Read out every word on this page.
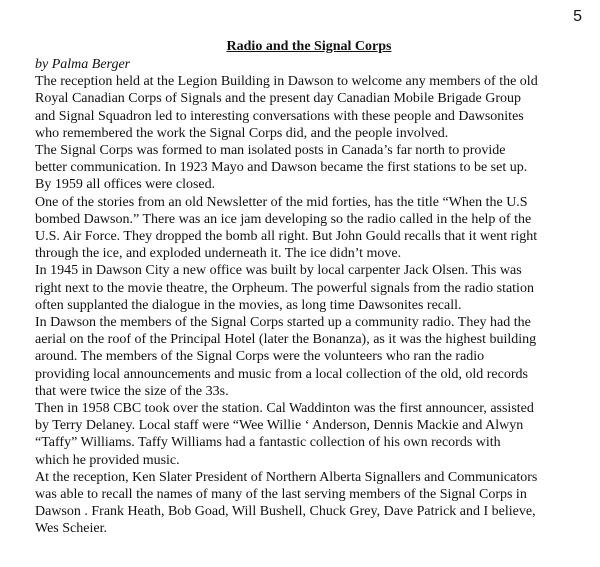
5
Radio and the Signal Corps
by Palma Berger
The reception held at the Legion Building in Dawson to welcome any members of the old
Royal Canadian Corps of Signals and the present day Canadian Mobile Brigade Group
and Signal Squadron led to interesting conversations with these people and Dawsonites
who remembered the work the Signal Corps did, and the people involved.
The Signal Corps was formed to man isolated posts in Canada’s far north to provide
better communication. In 1923 Mayo and Dawson became the first stations to be set up.
By 1959 all offices were closed.
One of the stories from an old Newsletter of the mid forties, has the title “When the U.S
bombed Dawson.” There was an ice jam developing so the radio called in the help of the
U.S. Air Force. They dropped the bomb all right. But John Gould recalls that it went right
through the ice, and exploded underneath it. The ice didn’t move.
In 1945 in Dawson City a new office was built by local carpenter Jack Olsen. This was
right next to the movie theatre, the Orpheum. The powerful signals from the radio station
often supplanted the dialogue in the movies, as long time Dawsonites recall.
In Dawson the members of the Signal Corps started up a community radio. They had the
aerial on the roof of the Principal Hotel (later the Bonanza), as it was the highest building
around. The members of the Signal Corps were the volunteers who ran the radio
providing local announcements and music from a local collection of the old, old records
that were twice the size of the 33s.
Then in 1958 CBC took over the station. Cal Waddinton was the first announcer, assisted
by Terry Delaney. Local staff were “Wee Willie ‘ Anderson, Dennis Mackie and Alwyn
“Taffy” Williams. Taffy Williams had a fantastic collection of his own records with
which he provided music.
At the reception, Ken Slater President of Northern Alberta Signallers and Communicators
was able to recall the names of many of the last serving members of the Signal Corps in
Dawson . Frank Heath, Bob Goad, Will Bushell, Chuck Grey, Dave Patrick and I believe,
Wes Scheier.
